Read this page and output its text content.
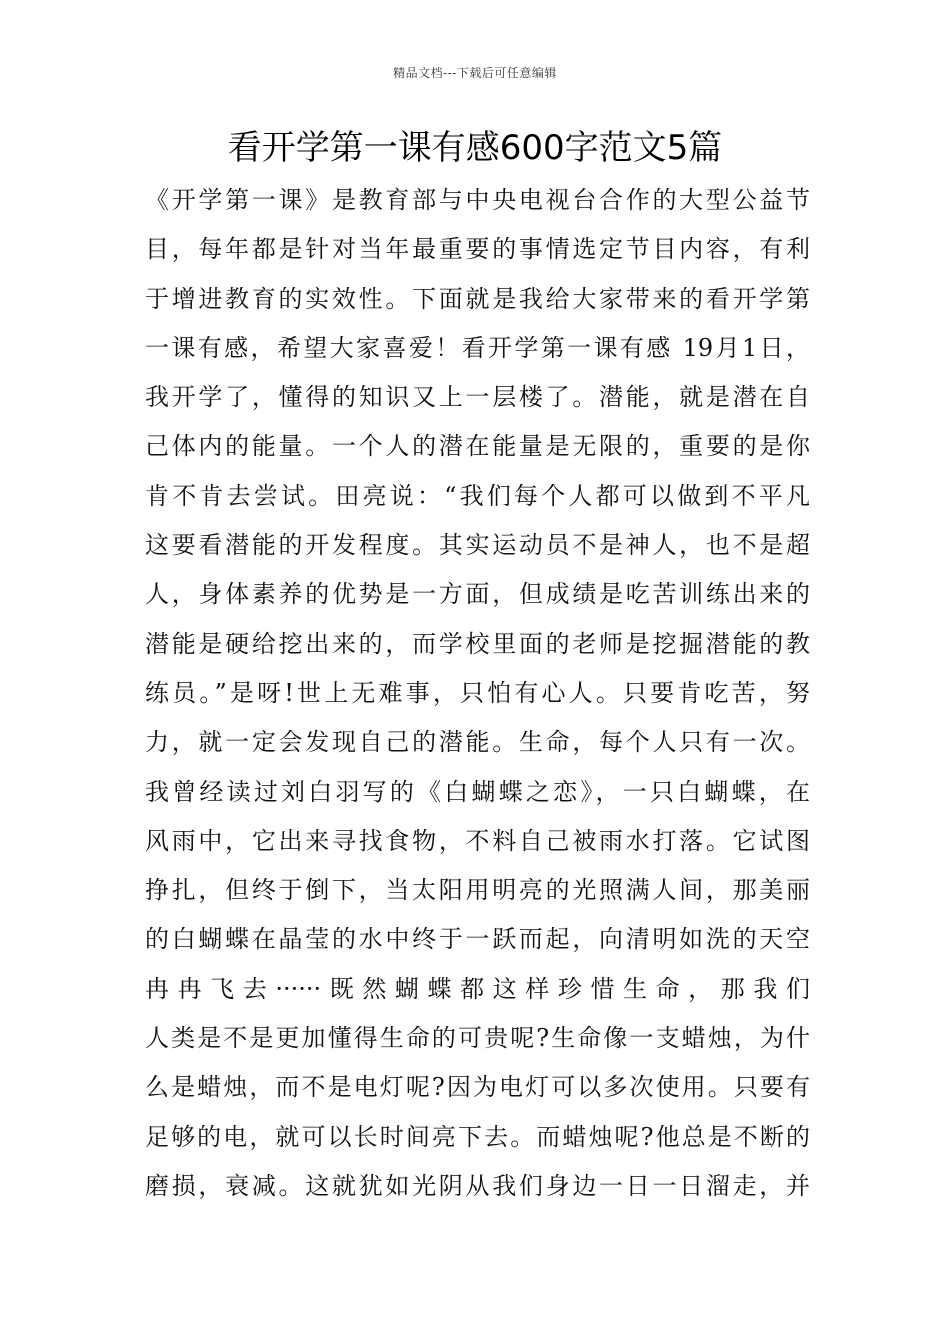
精品文档---下载后可任意编辑
看开学第一课有感600字范文5篇
《开学第一课》是教育部与中央电视台合作的大型公益节
目，每年都是针对当年最重要的事情选定节目内容，有利
于增进教育的实效性。下面就是我给大家带来的看开学第
一课有感，希望大家喜爱！看开学第一课有感 19月1日，
我开学了，懂得的知识又上一层楼了。潜能，就是潜在自
己体内的能量。一个人的潜在能量是无限的，重要的是你
肯不肯去尝试。田亮说：“我们每个人都可以做到不平凡
这要看潜能的开发程度。其实运动员不是神人，也不是超
人，身体素养的优势是一方面，但成绩是吃苦训练出来的
潜能是硬给挖出来的，而学校里面的老师是挖掘潜能的教
练员。”是呀!世上无难事，只怕有心人。只要肯吃苦，努
力，就一定会发现自己的潜能。生命，每个人只有一次。
我曾经读过刘白羽写的《白蝴蝶之恋》，一只白蝴蝶，在
风雨中，它出来寻找食物，不料自己被雨水打落。它试图
挣扎，但终于倒下，当太阳用明亮的光照满人间，那美丽
的白蝴蝶在晶莹的水中终于一跃而起，向清明如洗的天空
冉冉飞去······既然蝴蝶都这样珍惜生命，那我们
人类是不是更加懂得生命的可贵呢?生命像一支蜡烛，为什
么是蜡烛，而不是电灯呢?因为电灯可以多次使用。只要有
足够的电，就可以长时间亮下去。而蜡烛呢?他总是不断的
磨损，衰减。这就犹如光阴从我们身边一日一日溜走，并
